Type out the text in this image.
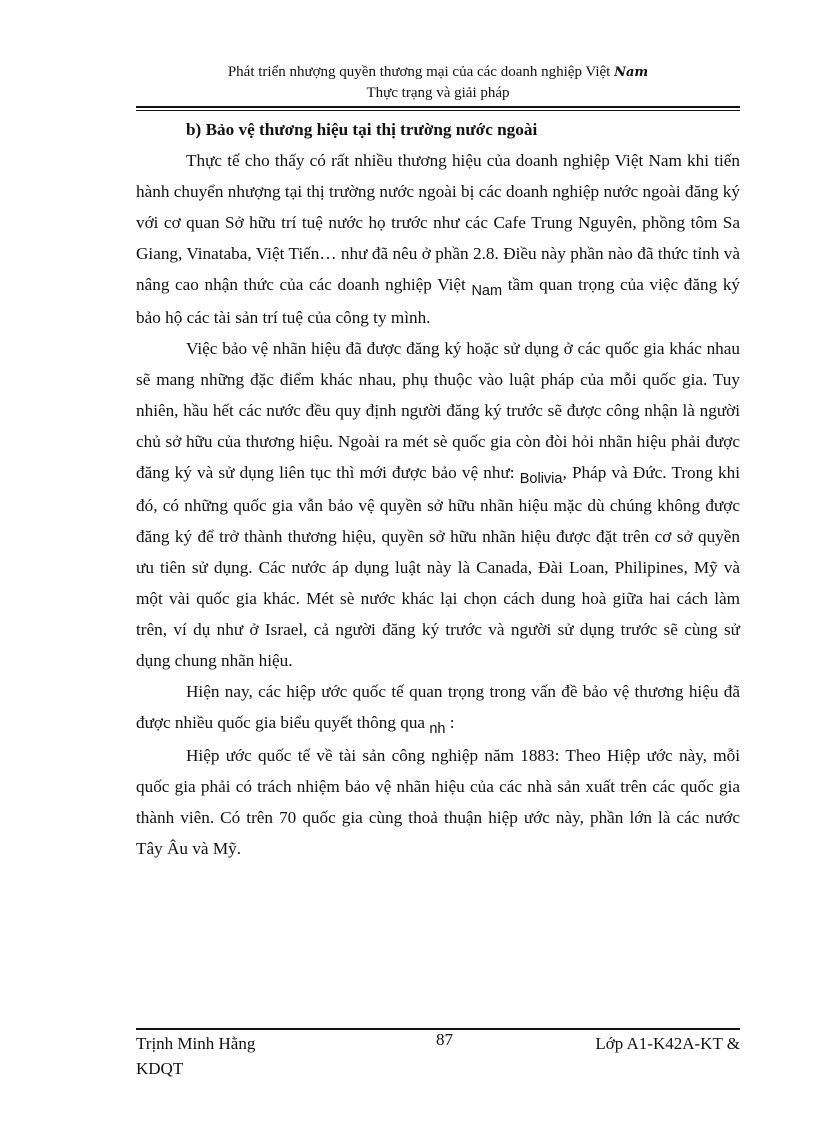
Phát triển nhượng quyền thương mại của các doanh nghiệp Việt Nam
Thực trạng và giải pháp

b) Bảo vệ thương hiệu tại thị trường nước ngoài

Thực tế cho thấy có rất nhiều thương hiệu của doanh nghiệp Việt Nam khi tiến hành chuyển nhượng tại thị trường nước ngoài bị các doanh nghiệp nước ngoài đăng ký với cơ quan Sở hữu trí tuệ nước họ trước như các Cafe Trung Nguyên, phồng tôm Sa Giang, Vinataba, Việt Tiến… như đã nêu ở phần 2.8. Điều này phần nào đã thức tỉnh và nâng cao nhận thức của các doanh nghiệp Việt $_{Nam}$ tầm quan trọng của việc đăng ký bảo hộ các tài sản trí tuệ của công ty mình.

Việc bảo vệ nhãn hiệu đã được đăng ký hoặc sử dụng ở các quốc gia khác nhau sẽ mang những đặc điểm khác nhau, phụ thuộc vào luật pháp của mỗi quốc gia. Tuy nhiên, hầu hết các nước đều quy định người đăng ký trước sẽ được công nhận là người chủ sở hữu của thương hiệu. Ngoài ra mét sè quốc gia còn đòi hỏi nhãn hiệu phải được đăng ký và sử dụng liên tục thì mới được bảo vệ như: $_{Bolivia}$, Pháp và Đức. Trong khi đó, có những quốc gia vẫn bảo vệ quyền sở hữu nhãn hiệu mặc dù chúng không được đăng ký để trở thành thương hiệu, quyền sở hữu nhãn hiệu được đặt trên cơ sở quyền ưu tiên sử dụng. Các nước áp dụng luật này là Canada, Đài Loan, Philipines, Mỹ và một vài quốc gia khác. Mét sè nước khác lại chọn cách dung hoà giữa hai cách làm trên, ví dụ như ở Israel, cả người đăng ký trước và người sử dụng trước sẽ cùng sử dụng chung nhãn hiệu.

Hiện nay, các hiệp ước quốc tế quan trọng trong vấn đề bảo vệ thương hiệu đã được nhiều quốc gia biểu quyết thông qua $_{nh}$ :

Hiệp ước quốc tế về tài sản công nghiệp năm 1883: Theo Hiệp ước này, mỗi quốc gia phải có trách nhiệm bảo vệ nhãn hiệu của các nhà sản xuất trên các quốc gia thành viên. Có trên 70 quốc gia cùng thoả thuận hiệp ước này, phần lớn là các nước Tây Âu và Mỹ.

Trịnh Minh Hằng	87	Lớp A1-K42A-KT &
KDQT
